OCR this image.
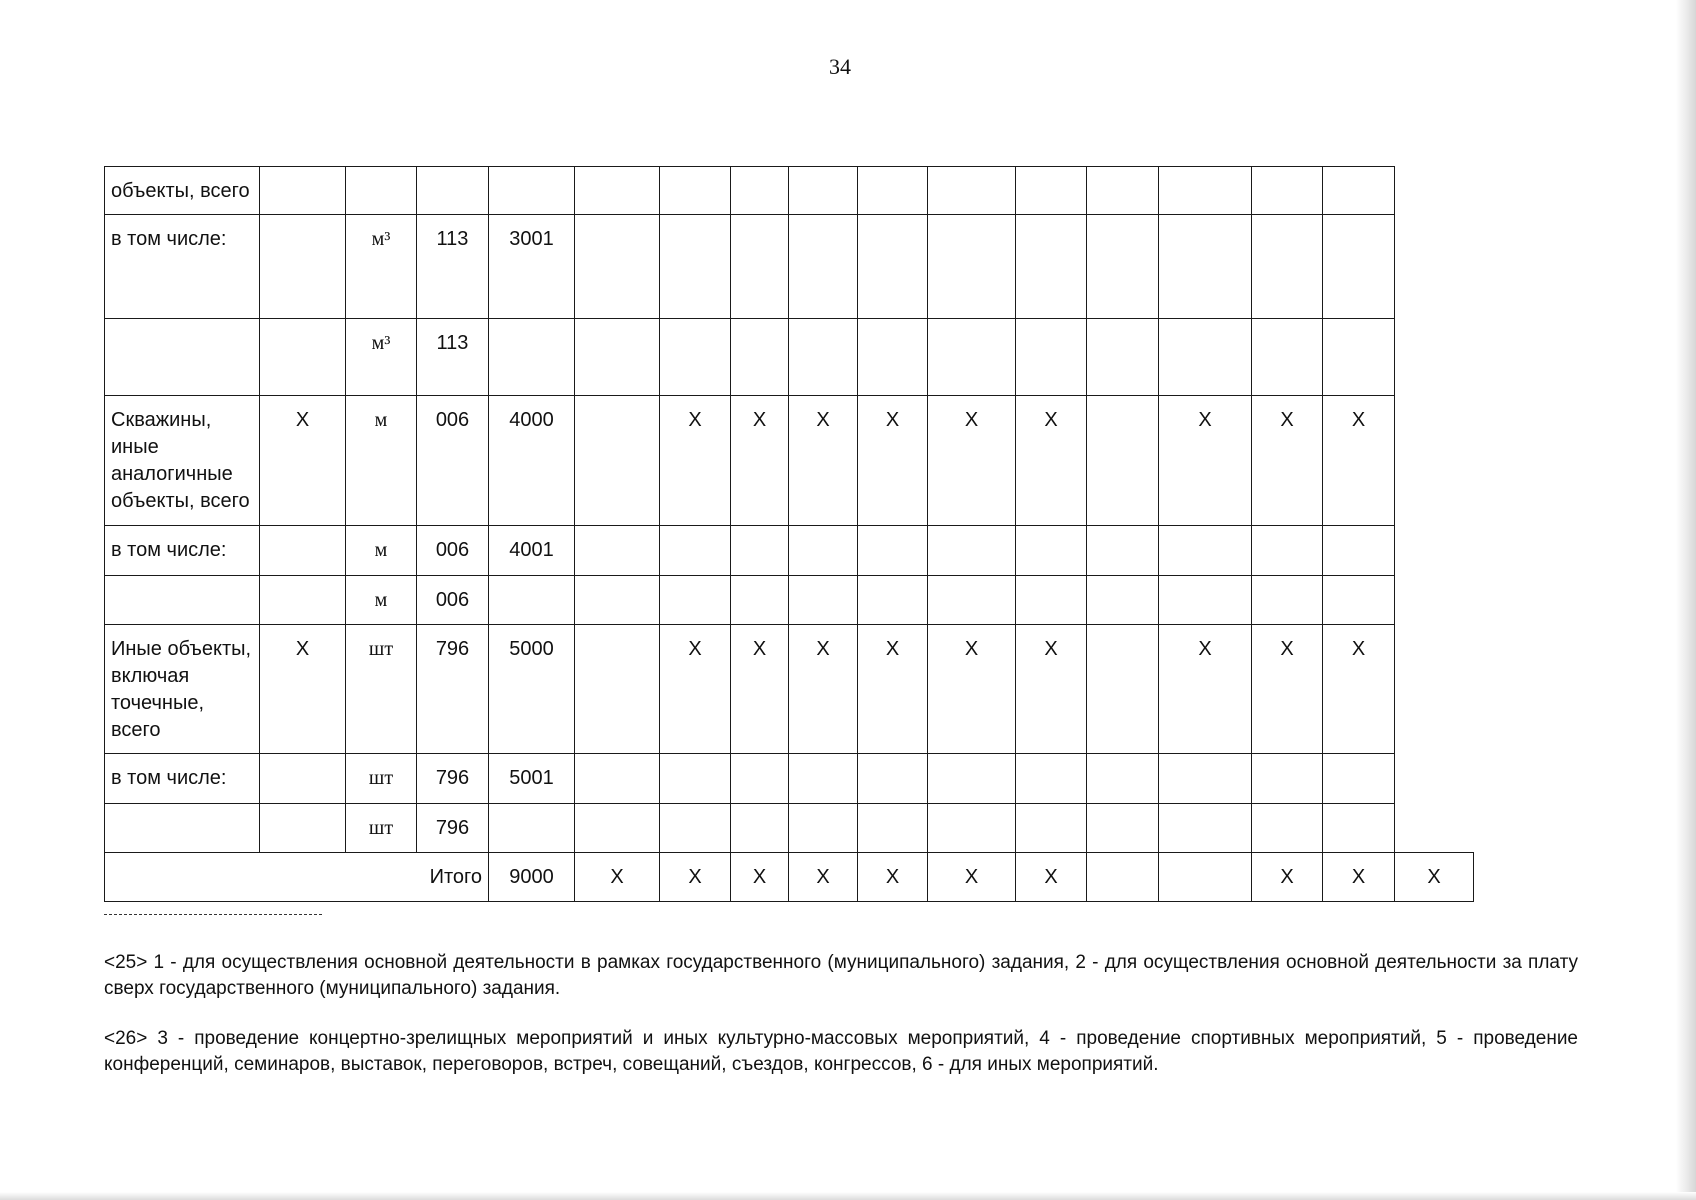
34
объекты, всего																
в том числе:		м³	113	3001												
		м³	113													
Скважины, иные аналогичные объекты, всего	X	м	006	4000		X	X	X	X	X	X		X	X	X	
в том числе:		м	006	4001												
		м	006													
Иные объекты, включая точечные, всего	X	шт	796	5000		X	X	X	X	X	X		X	X	X	
в том числе:		шт	796	5001												
		шт	796													
Итого				9000	X	X	X	X	X	X	X			X	X	X
<25> 1 - для осуществления основной деятельности в рамках государственного (муниципального) задания, 2 - для осуществления основной деятельности за плату сверх государственного (муниципального) задания.
<26> 3 - проведение концертно-зрелищных мероприятий и иных культурно-массовых мероприятий, 4 - проведение спортивных мероприятий, 5 - проведение конференций, семинаров, выставок, переговоров, встреч, совещаний, съездов, конгрессов, 6 - для иных мероприятий.
